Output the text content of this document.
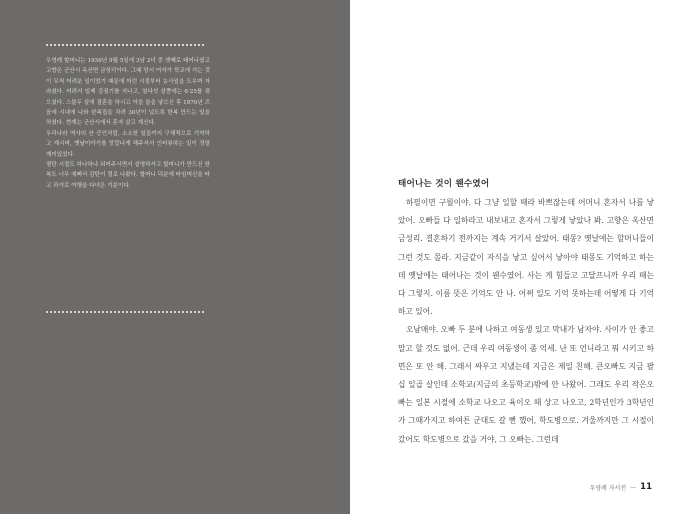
우영례 할머니는 1936년 9월 5일에 3남 2녀 중 셋째로 태어나셨고 고향은 군산시 옥산면 금성리이다. 그때 당시 여자가 학교에 가는 것이 무척 어려운 일이었기 때문에 어린 시절부터 농사일을 도우며 자라셨다. 어려서 일제 강점기를 지나고, 열다섯 살쯤에는 6·25를 겪으셨다. 스물두 살에 결혼을 하시고 아들 둘을 낳으신 후 1970년 즈음에 시내에 나와 한복집을 차려 30년이 넘도록 한복 만드는 일을 하셨다. 현재는 군산시에서 혼자 살고 계신다.

우리나라 역사의 산 증인처럼, 소소한 일들까지 구체적으로 기억하고 계시며, 옛날이야기를 맛깔나게 해주셔서 인터뷰하는 일이 정말 재미있었다.

평탄 시절도 하나하나 되어주시면서 설명하셔고 할머니가 만드신 한복도 너무 예뻐서 감탄이 절로 나왔다. 할머니 덕분에 타임머신을 타고 과거로 여행을 다녀온 기분이다.	태어나는 것이 웬수였어

하필이면 구월이야. 다 그냥 일할 때라 바쁘잖는데 어머니 혼자서 나를 낳았어. 오빠들 다 일하라고 내보내고 혼자서 그렇게 낳았나 봐. 고향은 옥산면 금성리. 결혼하기 전까지는 계속 거기서 살았어. 태몽? 옛날에는 할머니들이 그런 것도 몰라. 지금같이 자식을 낳고 싶어서 낳아야 태몽도 기억하고 하는데 옛날에는 태어나는 것이 웬수였어. 사는 게 힘들고 고달프니까 우리 때는 다 그렇지. 이름 뜻은 기억도 안 나. 어쩌 일도 기억 못하는데 어떻게 다 기억하고 있어.

오남매야. 오빠 두 분에 나하고 여동생 있고 막내가 남자야. 사이가 안 좋고 말고 할 것도 없어. 근데 우리 여동생이 좀 억세. 난 또 언니라고 뭐 시키고 하면은 또 안 해. 그래서 싸우고 지냈는데 지금은 제일 친해. 큰오빠도 지금 팔십 일곱 살인데 소학교(지금의 초등학교)밖에 안 나왔어. 그래도 우리 작은오빠는 일본 시절에 소학교 나오고 육이오 때 상고 나오고, 2학년인가 3학년인가 그때가지고 하여튼 군대도 갈 뻔 했어, 학도병으로. 겨울까지만 그 시절이 갔어도 학도병으로 갔을 거야, 그 오빠는. 그런데

우영례 자서전 — 11
